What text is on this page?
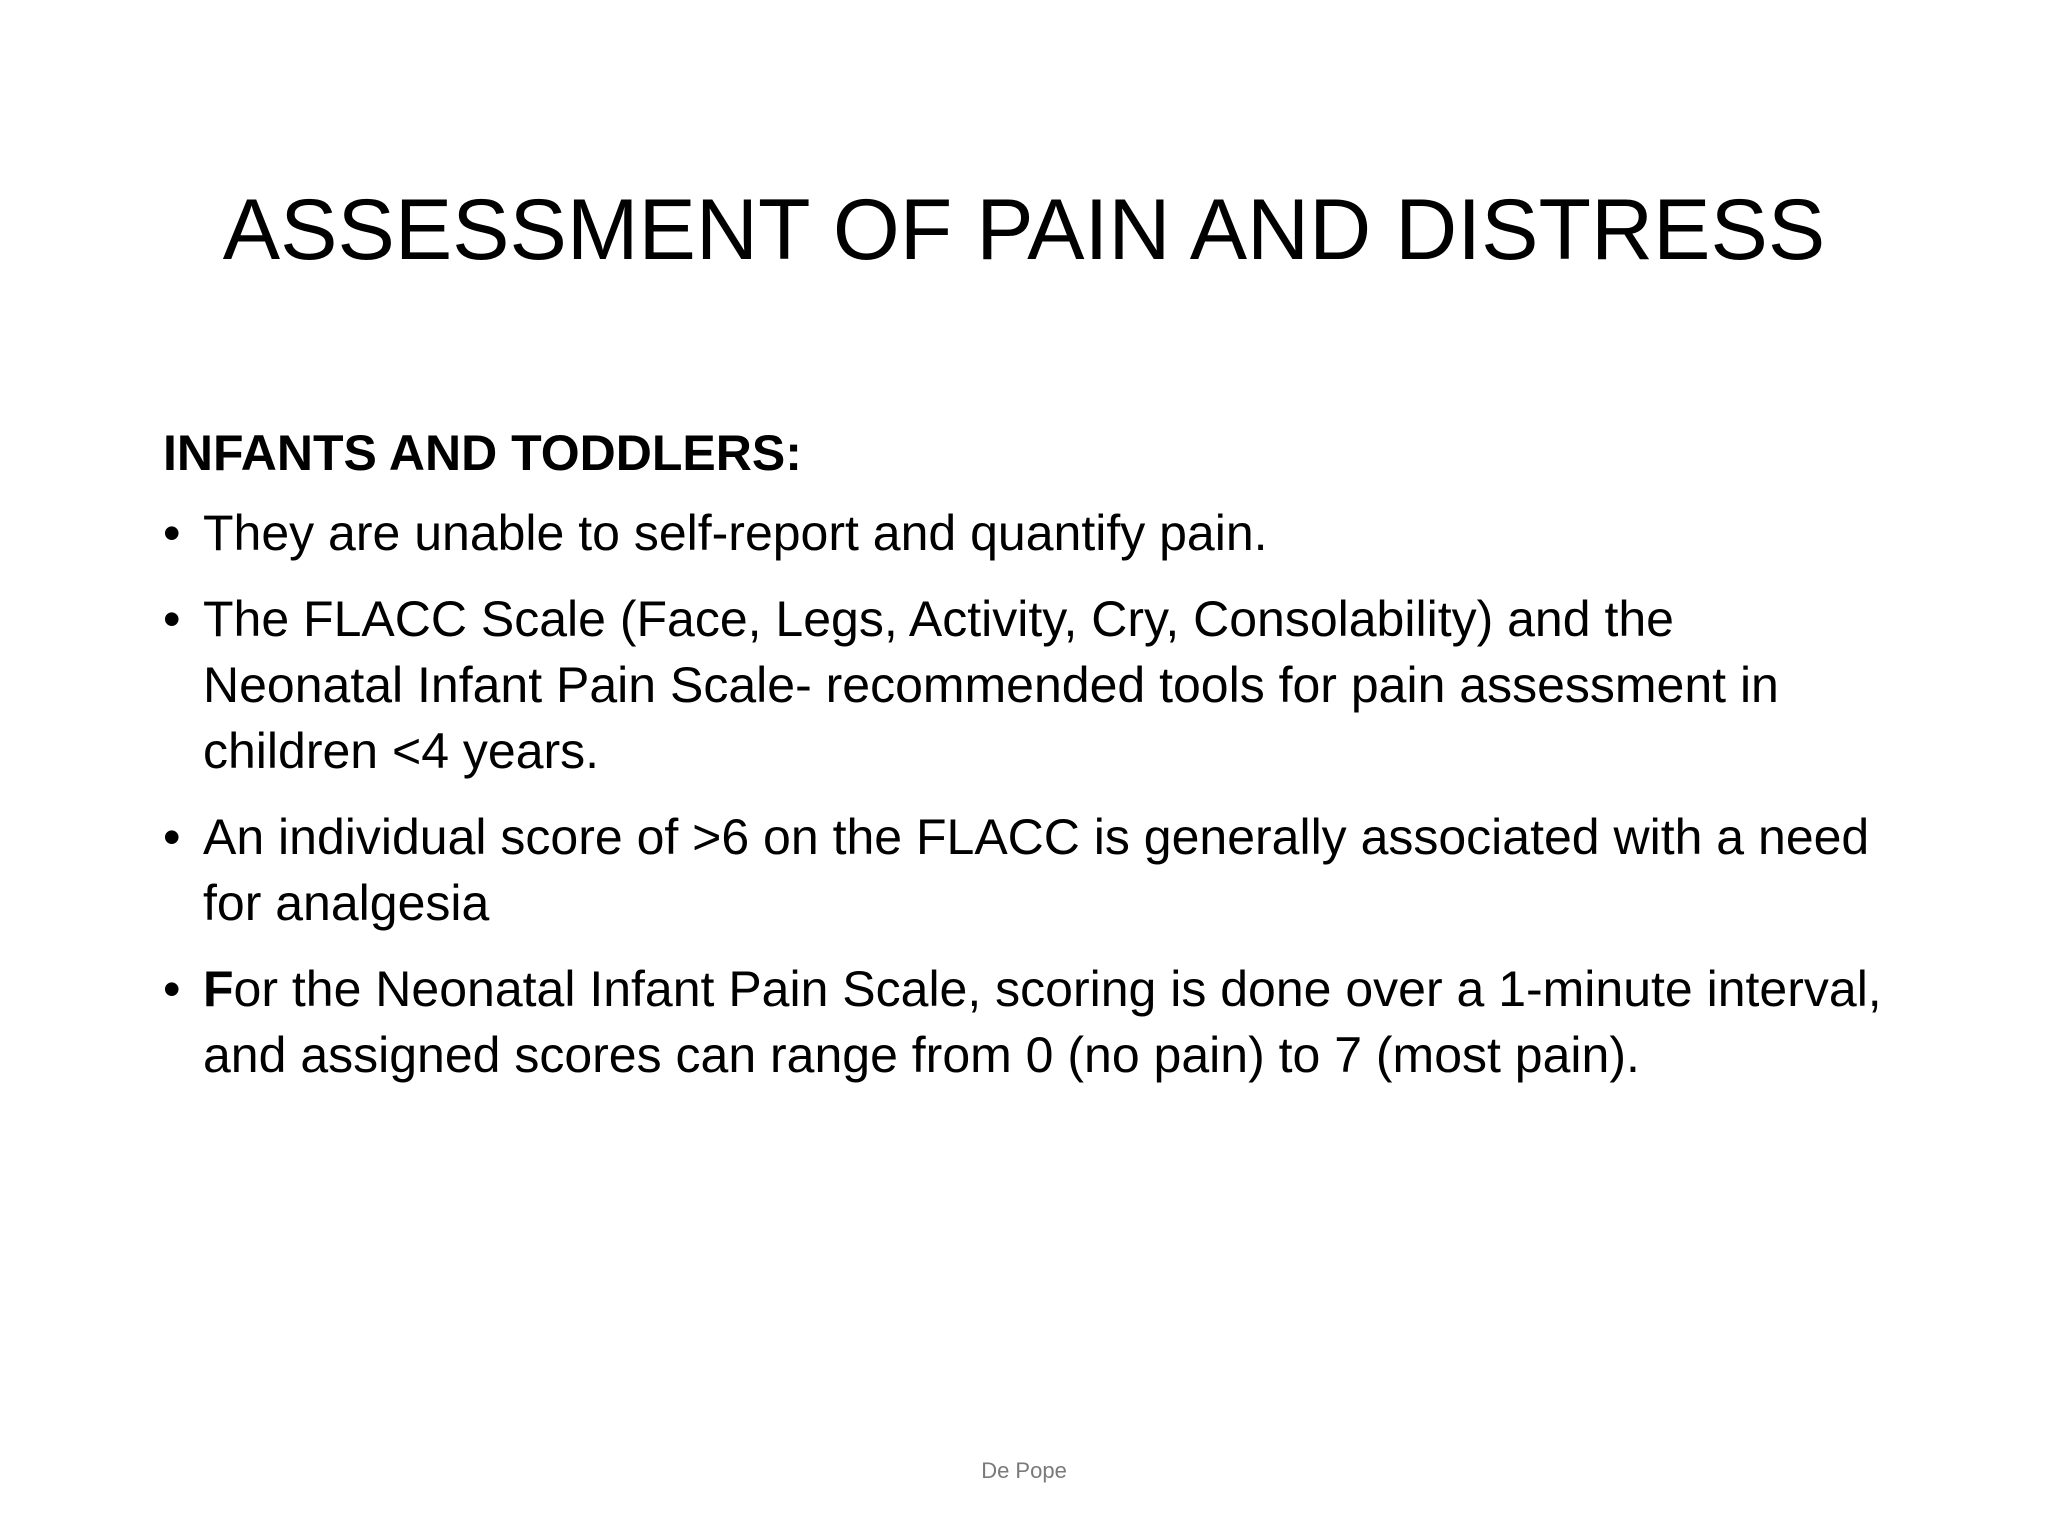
ASSESSMENT OF PAIN AND DISTRESS
INFANTS AND TODDLERS:
• They are unable to self-report and quantify pain.
• The FLACC Scale (Face, Legs, Activity, Cry, Consolability) and the Neonatal Infant Pain Scale- recommended tools for pain assessment in children <4 years.
• An individual score of >6 on the FLACC is generally associated with a need for analgesia
• For the Neonatal Infant Pain Scale, scoring is done over a 1-minute interval, and assigned scores can range from 0 (no pain) to 7 (most pain).
De Pope
